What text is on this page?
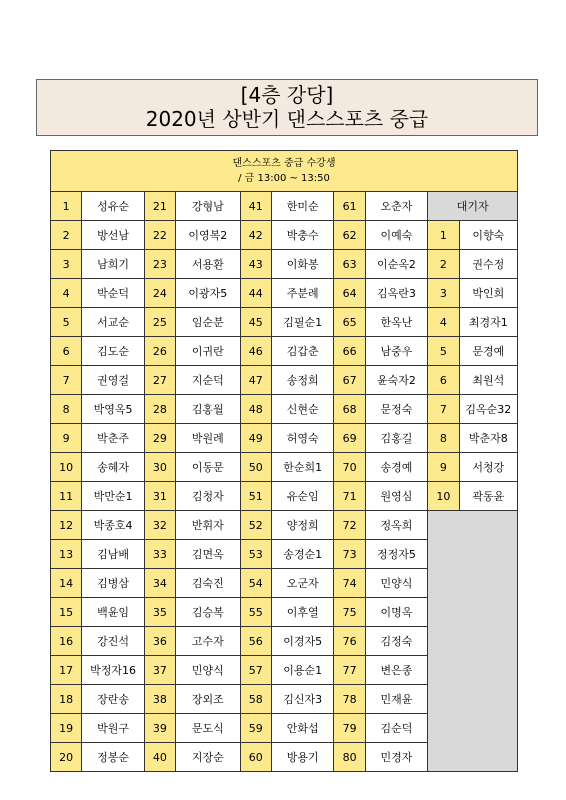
[4층 강당]
2020년 상반기 댄스스포츠 중급
댄스스포츠 중급 수강생
/ 금 13:00 ~ 13:50									

1	성유순	21	강형남	41	한미순	61	오춘자	대기자	
2	방선남	22	이영복2	42	박충수	62	이예숙	1	이향숙
3	남희기	23	서용환	43	이화봉	63	이순옥2	2	권수정
4	박순덕	24	이광자5	44	주분례	64	김옥란3	3	박인희
5	서교순	25	임순분	45	김필순1	65	한옥난	4	최경자1
6	김도순	26	이귀란	46	김갑춘	66	남중우	5	문경예
7	권영걸	27	지순덕	47	송정희	67	윤숙자2	6	최원석
8	박영옥5	28	김홍월	48	신현순	68	문정숙	7	김옥순32
9	박춘주	29	박원례	49	허영숙	69	김홍길	8	박춘자8
10	송혜자	30	이동문	50	한순희1	70	송경예	9	서청강
11	박만순1	31	김청자	51	유순임	71	원영심	10	곽동윤
12	박종호4	32	반휘자	52	양정희	72	정옥희		
13	김남배	33	김면옥	53	송경순1	73	정정자5		
14	김병삼	34	김숙진	54	오군자	74	민양식		
15	백윤임	35	김승복	55	이후열	75	이명옥		
16	강진석	36	고수자	56	이경자5	76	김정숙		
17	박정자16	37	민양식	57	이용순1	77	변은종		
18	장란송	38	장외조	58	김신자3	78	민재윤		
19	박원구	39	문도식	59	안화섭	79	김순덕		
20	정봉순	40	지장순	60	방용기	80	민경자		
